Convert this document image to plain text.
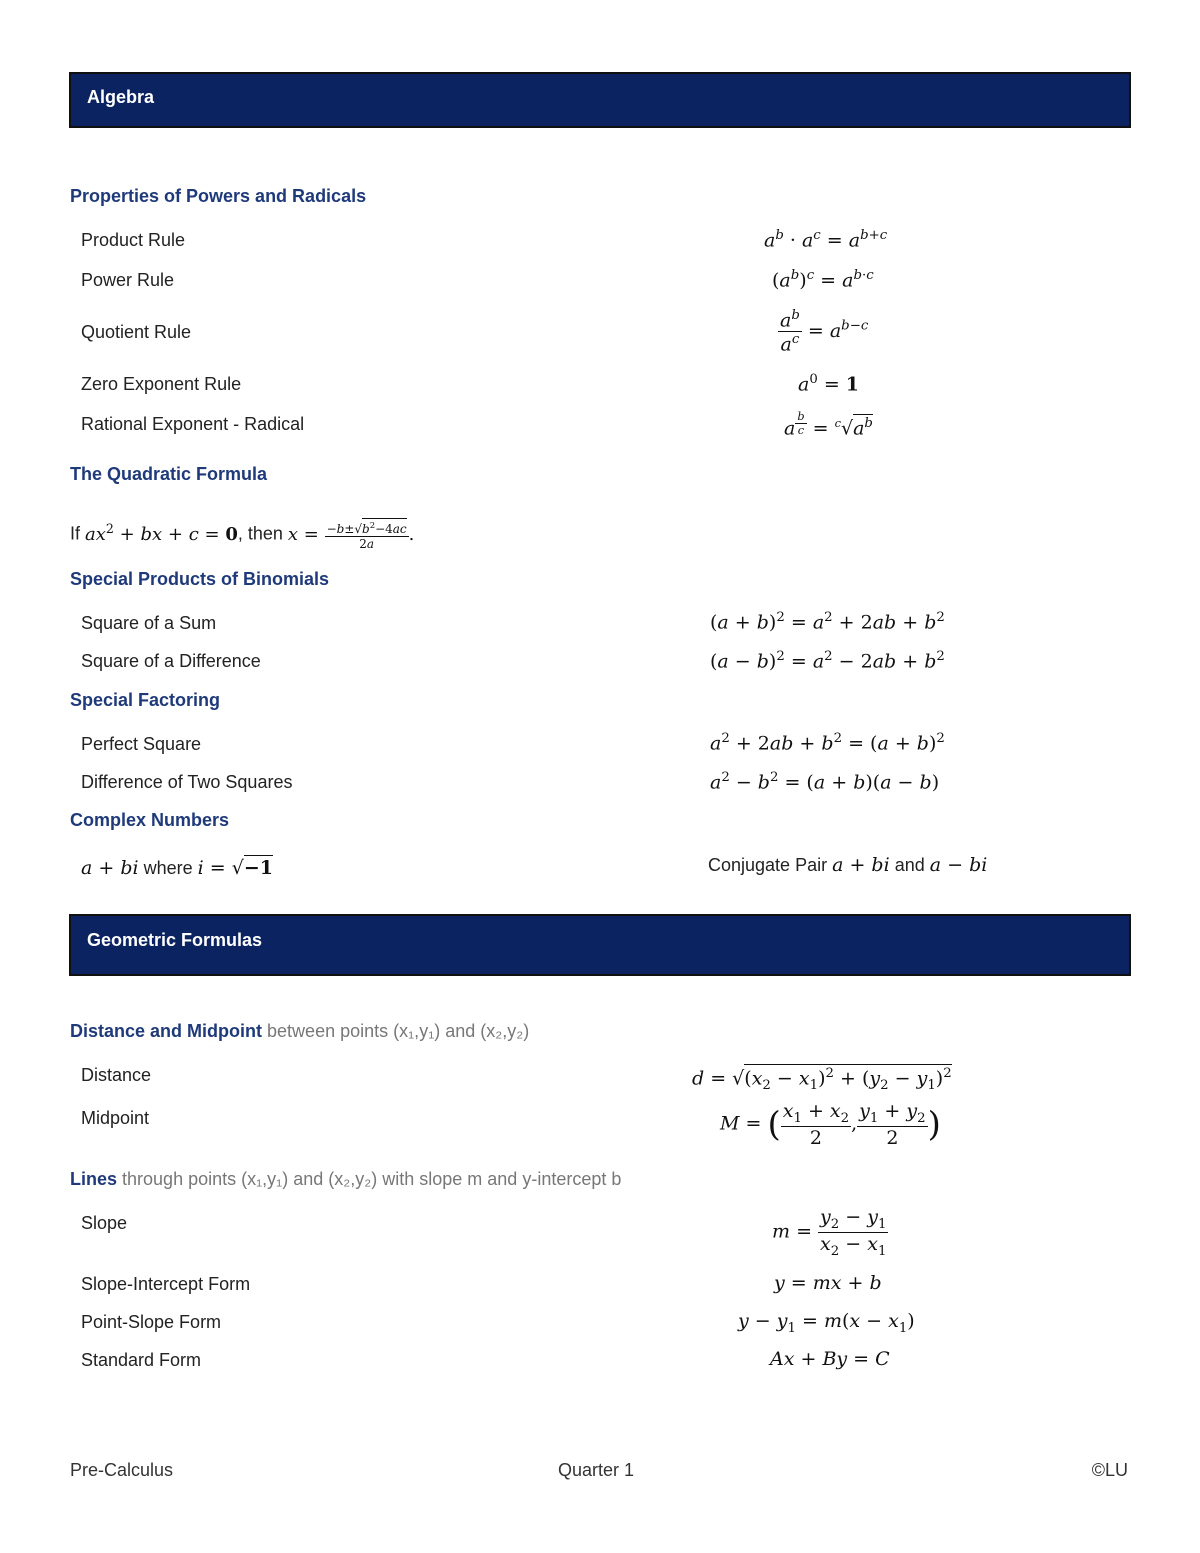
Algebra
Properties of Powers and Radicals
Product Rule	$a^b \cdot a^c = a^{b+c}$
Power Rule	$(a^b)^c = a^{b\cdot c}$
Quotient Rule	$\frac{a^b}{a^c} = a^{b-c}$
Zero Exponent Rule	$a^0 = 1$
Rational Exponent - Radical	a $^{\frac{b}{c}} = ^c√a^b$
The Quadratic Formula
If $ax^2$ + bx + c = 0, then $x = \frac{-b\pm√b^2-4ac}{2a}$ .
Special Products of Binomials
Square of a Sum	$(a + b)^2 = a^2 + 2ab + b^2$
Square of a Difference	$(a - b)^2 = a^2 - 2ab + b^2$
Special Factoring
Perfect Square	$a^2 + 2ab + b^2 = (a + b)^2$
Difference of Two Squares	$a^2 - b^2 = (a + b)(a - b)$
Complex Numbers
a + bi where i = √−1	Conjugate Pair a + bi and a − bi
Geometric Formulas
Distance and Midpoint between points (x₁,y₁) and (x₂,y₂)
Distance	$d = √(x_2 - x_1)^2 + (y_2 - y_1)^2$
Midpoint	M = ( $\frac{x_1 + x_2}{2}$ , $\frac{y_1 + y_2}{2}$ )
Lines through points (x₁,y₁) and (x₂,y₂) with slope m and y-intercept b
Slope	$m = \frac{y_2 - y_1}{x_2 - x_1}$
Slope-Intercept Form	y = mx + b
Point-Slope Form	$y - y_1 = m(x - x_1)$
Standard Form	Ax + By = C
Pre-Calculus	Quarter 1	©LU
